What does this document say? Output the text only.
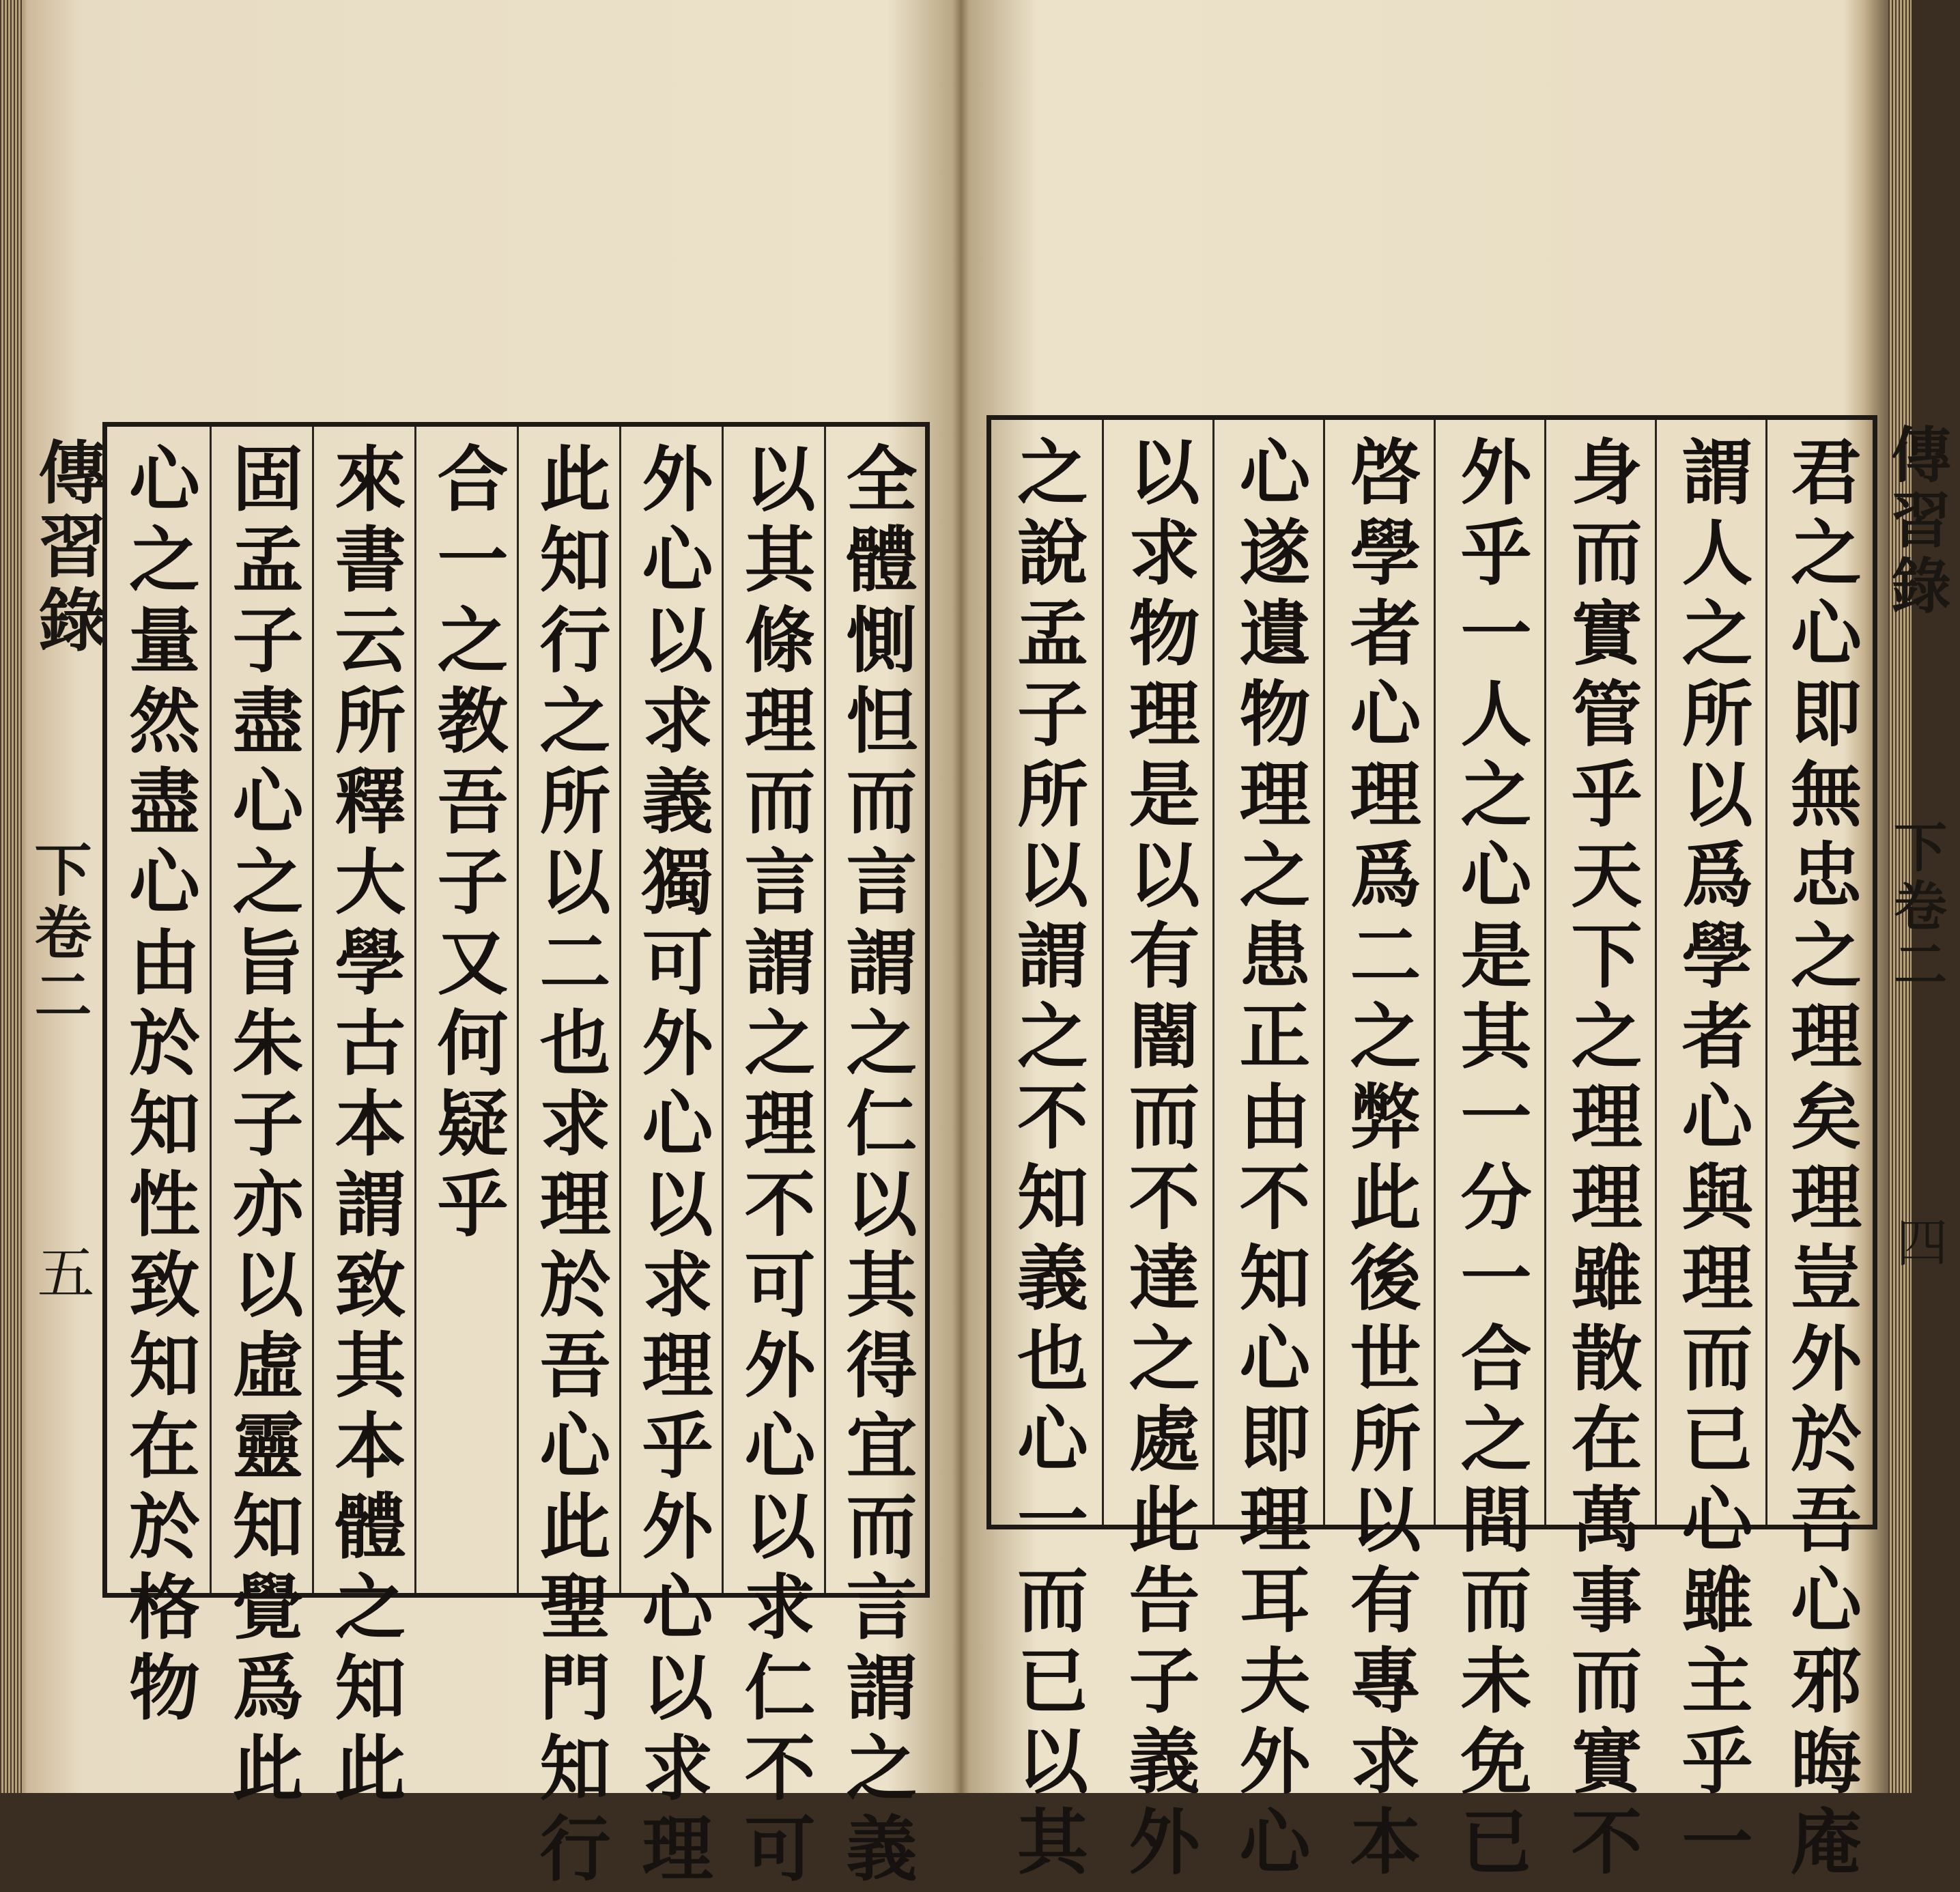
傳習錄
下卷二
五 心之量然盡心由於知性致知在於格物 固孟子盡心之旨朱子亦以虛靈知覺爲此 來書云所釋大學古本謂致其本體之知此 合一之教吾子又何疑乎 此知行之所以二也求理於吾心此聖門知行 外心以求義獨可外心以求理乎外心以求理 以其條理而言謂之理不可外心以求仁不可 全體惻怛而言謂之仁以其得宜而言謂之義	傳習錄
下卷二
四
之說孟子所以謂之不知義也心一而已以其 以求物理是以有闇而不達之處此告子義外 心遂遺物理之患正由不知心即理耳夫外心 啓學者心理爲二之弊此後世所以有專求本 外乎一人之心是其一分一合之間而未免已 身而實管乎天下之理理雖散在萬事而實不 謂人之所以爲學者心與理而已心雖主乎一 君之心即無忠之理矣理豈外於吾心邪晦庵
